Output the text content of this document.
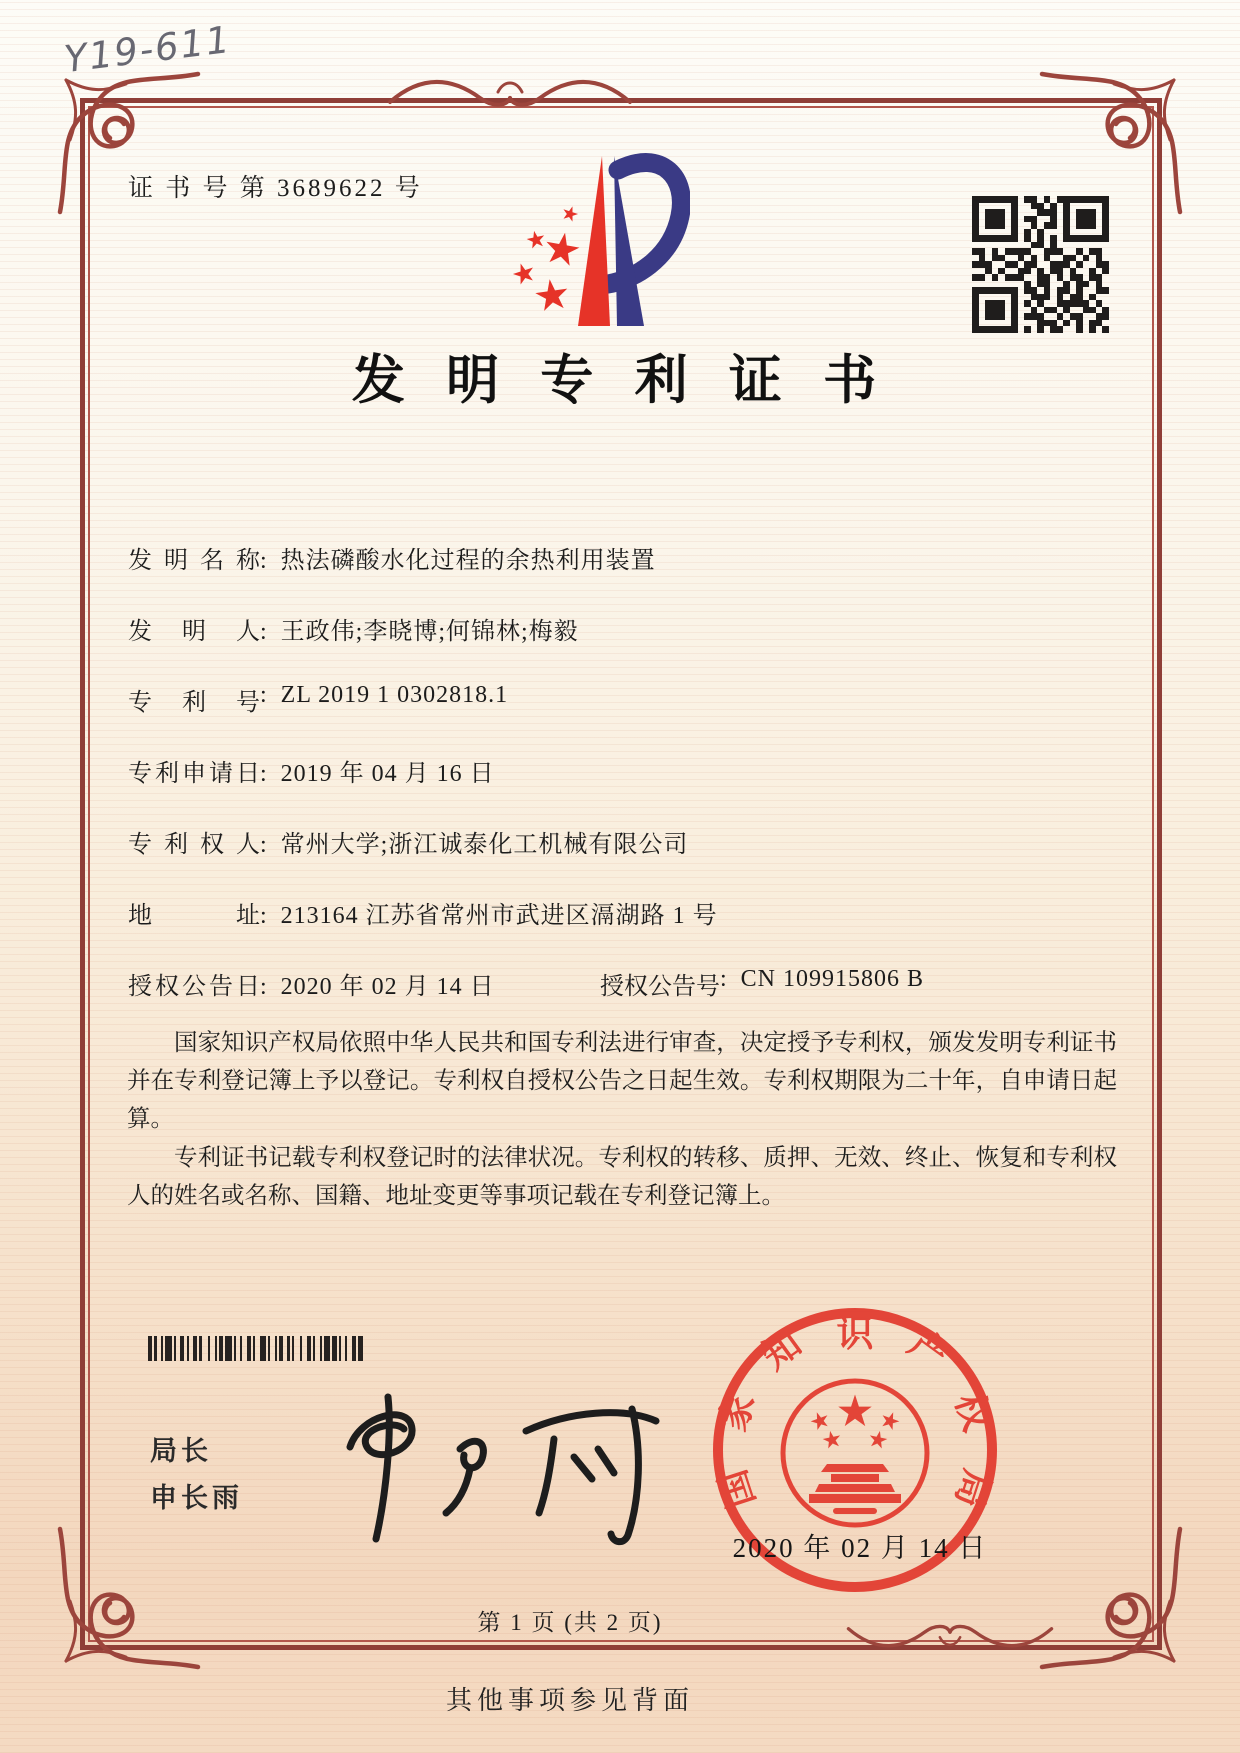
Y19-611
证 书 号 第 3689622 号
发 明 专 利 证 书
发明名称: 热法磷酸水化过程的余热利用装置
发明人: 王政伟;李晓博;何锦林;梅毅
专利号: ZL 2019 1 0302818.1
专利申请日: 2019 年 04 月 16 日
专利权人: 常州大学;浙江诚泰化工机械有限公司
地址: 213164 江苏省常州市武进区滆湖路 1 号
授权公告日: 2020 年 02 月 14 日	授权公告号: CN 109915806 B

国家知识产权局依照中华人民共和国专利法进行审查，决定授予专利权，颁发发明专利证书并在专利登记簿上予以登记。专利权自授权公告之日起生效。专利权期限为二十年，自申请日起算。

专利证书记载专利权登记时的法律状况。专利权的转移、质押、无效、终止、恢复和专利权人的姓名或名称、国籍、地址变更等事项记载在专利登记簿上。

局长
申长雨	国
家
知 识 产
权
局
2020 年 02 月 14 日
第 1 页 (共 2 页)
其他事项参见背面
